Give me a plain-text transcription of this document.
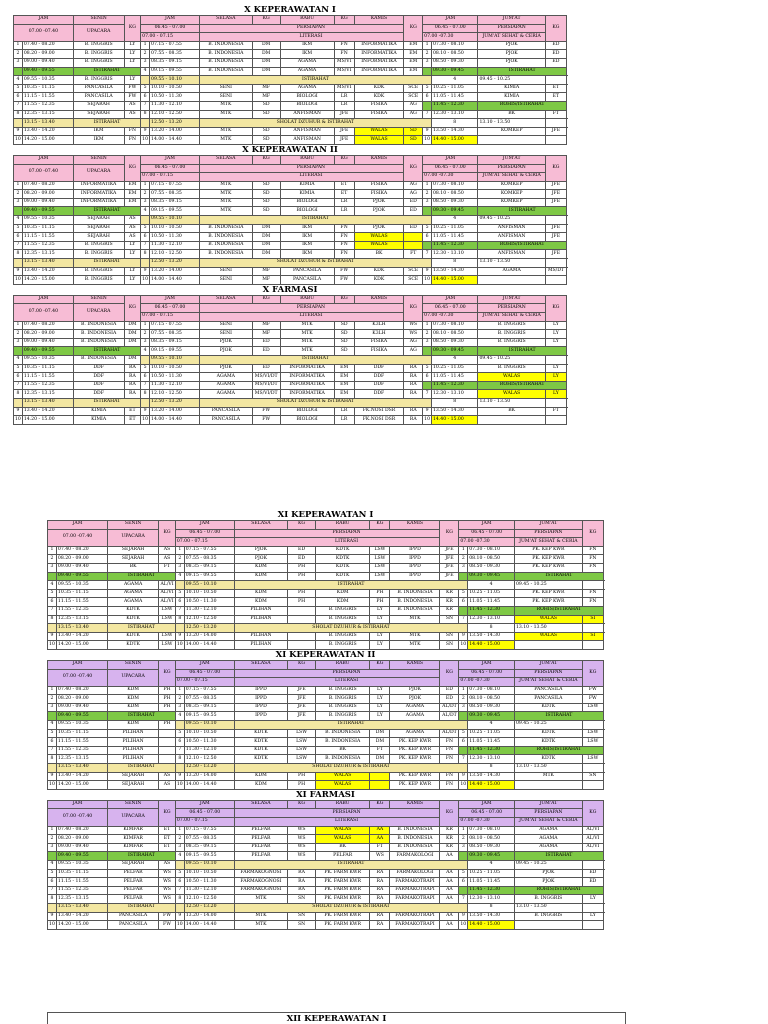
X KEPERAWATAN I
JAM		SENIN	KG	JAM		SELASA	KG	RABU	KG	KAMIS	KG	JAM		JUM'AT	KG	
07.00 -07.40		UPACARA		06.45 - 07.00		PERSIAPAN						06.45 - 07.00		PERSIAPAN		
				07.00 - 07.15		LITERASI						07.00 -07.30		JUM'AT SEHAT & CERIA		
1	07.40 - 08.20	B. INGGRIS	LY	1	07.15 - 07.55	B. INDONESIA	DM	IKM	FN	INFORMATIKA	EM	1	07.30 - 08.10	PJOK	ED	
2	08.20 - 09.00	B. INGGRIS	LY	2	07.55 - 08.35	B. INDONESIA	DM	IKM	FN	INFORMATIKA	EM	2	08.10 - 08.50	PJOK	ED	
3	09.00 - 09.40	B. INGGRIS	LY	3	08.35 - 09.15	B. INDONESIA	DM	AGAMA	MS/VI	INFORMATIKA	EM	3	08.50 - 09.30	PJOK	ED	
	09.40 - 09.55	ISTIRAHAT		4	09.15 - 09.55	B. INDONESIA	DM	AGAMA	MS/VI	INFORMATIKA	EM		09.30 - 09.45	ISTIRAHAT		
4	09.55 - 10.35	B. INGGRIS	LY		09.55 - 10.10	ISTIRAHAT							4	09.45 - 10.25		
5	10.35 - 11.15	PANCASILA	FW	5	10.10 - 10.50	SENI	MF	AGAMA	MS/VI	KDK	SCE	5	10.25 - 11.05	KIMIA	ET	
6	11.15 - 11.55	PANCASILA	FW	6	10.50 - 11.30	SENI	MF	BIOLOGI	LR	KDK	SCE	6	11.05 - 11.45	KIMIA	ET	
7	11.55 - 12.35	SEJARAH	AS	7	11.30 - 12.10	MTK	SD	BIOLOGI	LR	FISIKA	AG		11.45 - 12.30	ROHIS/ISTIRAHAT		
8	12.35 - 13.15	SEJARAH	AS	8	12.10 - 12.50	MTK	SD	ANFISMAN	JFE	FISIKA	AG	7	12.30 - 13.10	BK	FT	
	13.15 - 13.40	ISTIRAHAT			12.50 - 13.20	SHOLAT DZUHUR & ISTIRAHAT							8	13.10 - 13.50		
9	13.40 - 14.20	IKM	FN	9	13.20 - 14.00	MTK	SD	ANFISMAN	JFE	WALAS	SD	9	13.50 - 14.30	KOMKEP	JFE	
10	14.20 - 15.00	IKM	FN	10	14.00 - 14.40	MTK	SD	ANFISMAN	JFE	WALAS	SD	10	14.40 - 15.00			
X KEPERAWATAN II
JAM		SENIN	KG	JAM		SELASA	KG	RABU	KG	KAMIS	KG	JAM		JUM'AT	KG	
07.00 -07.40		UPACARA		06.45 - 07.00		PERSIAPAN						06.45 - 07.00		PERSIAPAN		
				07.00 - 07.15		LITERASI						07.00 -07.30		JUM'AT SEHAT & CERIA		
1	07.40 - 08.20	INFORMATIKA	EM	1	07.15 - 07.55	MTK	SD	KIMIA	ET	FISIKA	AG	1	07.30 - 08.10	KOMKEP	JFE	
2	08.20 - 09.00	INFORMATIKA	EM	2	07.55 - 08.35	MTK	SD	KIMIA	ET	FISIKA	AG	2	08.10 - 08.50	KOMKEP	JFE	
3	09.00 - 09.40	INFORMATIKA	EM	3	08.35 - 09.15	MTK	SD	BIOLOGI	LR	PJOK	ED	3	08.50 - 09.30	KOMKEP	JFE	
	09.40 - 09.55	ISTIRAHAT		4	09.15 - 09.55	MTK	SD	BIOLOGI	LR	PJOK	ED		09.30 - 09.45	ISTIRAHAT		
4	09.55 - 10.35	SEJARAH	AS		09.55 - 10.10	ISTIRAHAT							4	09.45 - 10.25		
5	10.35 - 11.15	SEJARAH	AS	5	10.10 - 10.50	B. INDONESIA	DM	IKM	FN	PJOK	ED	5	10.25 - 11.05	ANFISMAN	JFE	
6	11.15 - 11.55	SEJARAH	AS	6	10.50 - 11.30	B. INDONESIA	DM	IKM	FN	WALAS		6	11.05 - 11.45	ANFISMAN	JFE	
7	11.55 - 12.35	B. INGGRIS	LY	7	11.30 - 12.10	B. INDONESIA	DM	IKM	FN	WALAS			11.45 - 12.30	ROHIS/ISTIRAHAT		
8	12.35 - 13.15	B. INGGRIS	LY	8	12.10 - 12.50	B. INDONESIA	DM	IKM	FN	BK	FT	7	12.30 - 13.10	ANFISMAN	JFE	
	13.15 - 13.40	ISTIRAHAT			12.50 - 13.20	SHOLAT DZUHUR & ISTIRAHAT							8	13.10 - 13.50		
9	13.40 - 14.20	B. INGGRIS	LY	9	13.20 - 14.00	SENI	MF	PANCASILA	FW	KDK	SCE	9	13.50 - 14.30	AGAMA	MS/DT	
10	14.20 - 15.00	B. INGGRIS	LY	10	14.00 - 14.40	SENI	MF	PANCASILA	FW	KDK	SCE	10	14.40 - 15.00			
X FARMASI
JAM		SENIN	KG	JAM		SELASA	KG	RABU	KG	KAMIS	KG	JAM		JUM'AT	KG	
07.00 -07.40		UPACARA		06.45 - 07.00		PERSIAPAN						06.45 - 07.00		PERSIAPAN		
				07.00 - 07.15		LITERASI						07.00 -07.30		JUM'AT SEHAT & CERIA		
1	07.40 - 08.20	B. INDONESIA	DM	1	07.15 - 07.55	SENI	MF	MTK	SD	K3LH	WS	1	07.30 - 08.10	B. INGGRIS	LY	
2	08.20 - 09.00	B. INDONESIA	DM	2	07.55 - 08.35	SENI	MF	MTK	SD	K3LH	WS	2	08.10 - 08.50	B. INGGRIS	LY	
3	09.00 - 09.40	B. INDONESIA	DM	3	08.35 - 09.15	PJOK	ED	MTK	SD	FISIKA	AG	3	08.50 - 09.30	B. INGGRIS	LY	
	09.40 - 09.55	ISTIRAHAT		4	09.15 - 09.55	PJOK	ED	MTK	SD	FISIKA	AG		09.30 - 09.45	ISTIRAHAT		
4	09.55 - 10.35	B. INDONESIA	DM		09.55 - 10.10	ISTIRAHAT							4	09.45 - 10.25		
5	10.35 - 11.15	DDF	RA	5	10.10 - 10.50	PJOK	ED	INFORMATIKA	EM	DDF	RA	5	10.25 - 11.05	B. INGGRIS	LY	
6	11.15 - 11.55	DDF	RA	6	10.50 - 11.30	AGAMA	MS/VI/DT	INFORMATIKA	EM	DDF	RA	6	11.05 - 11.45	WALAS	LY	
7	11.55 - 12.35	DDF	RA	7	11.30 - 12.10	AGAMA	MS/VI/DT	INFORMATIKA	EM	DDF	RA		11.45 - 12.30	ROHIS/ISTIRAHAT		
8	12.35 - 13.15	DDF	RA	8	12.10 - 12.50	AGAMA	MS/VI/DT	INFORMATIKA	EM	DDF	RA	7	12.30 - 13.10	WALAS	LY	
	13.15 - 13.40	ISTIRAHAT			12.50 - 13.20	SHOLAT DZUHUR & ISTIRAHAT							8	13.10 - 13.50		
9	13.40 - 14.20	KIMIA	ET	9	13.20 - 14.00	PANCASILA	FW	BIOLOGI	LR	FK.NOSI DSR	RA	9	13.50 - 14.30	BK	FT	
10	14.20 - 15.00	KIMIA	ET	10	14.00 - 14.40	PANCASILA	FW	BIOLOGI	LR	FK.NOSI DSR	RA	10	14.40 - 15.00			
XI KEPERAWATAN I
JAM		SENIN	KG	JAM		SELASA	KG	RABU	KG	KAMIS	KG	JAM		JUM'AT	KG	
07.00 -07.40		UPACARA		06.45 - 07.00		PERSIAPAN						06.45 - 07.00		PERSIAPAN		
				07.00 - 07.15		LITERASI						07.00 -07.30		JUM'AT SEHAT & CERIA		
1	07.40 - 08.20	SEJARAH	AS	1	07.15 - 07.55	PJOK	ED	KDTK	LSW	IPPD	JFE	1	07.30 - 08.10	PK. KEP KWR	FN	
2	08.20 - 09.00	SEJARAH	AS	2	07.55 - 08.35	PJOK	ED	KDTK	LSW	IPPD	JFE	2	08.10 - 08.50	PK. KEP KWR	FN	
3	09.00 - 09.40	BK	FT	3	08.35 - 09.15	KDM	PH	KDTK	LSW	IPPD	JFE	3	08.50 - 09.30	PK. KEP KWR	FN	
	09.40 - 09.55	ISTIRAHAT		4	09.15 - 09.55	KDM	PH	KDTK	LSW	IPPD	JFE		09.30 - 09.45	ISTIRAHAT		
4	09.55 - 10.35	AGAMA	AL/VI		09.55 - 10.10	ISTIRAHAT							4	09.45 - 10.25		
5	10.35 - 11.15	AGAMA	AL/VI	5	10.10 - 10.50	KDM	PH	KDM	PH	B. INDONESIA	KR	5	10.25 - 11.05	PK. KEP KWR	FN	
6	11.15 - 11.55	AGAMA	AL/VI	6	10.50 - 11.30	KDM	PH	KDM	PH	B. INDONESIA	KR	6	11.05 - 11.45	PK. KEP KWR	FN	
7	11.55 - 12.35	KDTK	LSW	7	11.30 - 12.10	PILIHAN		B. INGGRIS	LY	B. INDONESIA	KR		11.45 - 12.30	ROHIS/ISTIRAHAT		
8	12.35 - 13.15	KDTK	LSW	8	12.10 - 12.50	PILIHAN		B. INGGRIS	LY	MTK	SN	7	12.30 - 13.10	WALAS	SI	
	13.15 - 13.40	ISTIRAHAT			12.50 - 13.20	SHOLAT DZUHUR & ISTIRAHAT							8	13.10 - 13.50		
9	13.40 - 14.20	KDTK	LSW	9	13.20 - 14.00	PILIHAN		B. INGGRIS	LY	MTK	SN	9	13.50 - 14.30	WALAS	SI	
10	14.20 - 15.00	KDTK	LSW	10	14.00 - 14.40	PILIHAN		B. INGGRIS	LY	MTK	SN	10	14.40 - 15.00			
XI KEPERAWATAN II
JAM		SENIN	KG	JAM		SELASA	KG	RABU	KG	KAMIS	KG	JAM		JUM'AT	KG	
07.00 -07.40		UPACARA		06.45 - 07.00		PERSIAPAN						06.45 - 07.00		PERSIAPAN		
				07.00 - 07.15		LITERASI						07.00 -07.30		JUM'AT SEHAT & CERIA		
1	07.40 - 08.20	KDM	PH	1	07.15 - 07.55	IPPD	JFE	B. INGGRIS	LY	PJOK	ED	1	07.30 - 08.10	PANCASILA	FW	
2	08.20 - 09.00	KDM	PH	2	07.55 - 08.35	IPPD	JFE	B. INGGRIS	LY	PJOK	ED	2	08.10 - 08.50	PANCASILA	FW	
3	09.00 - 09.40	KDM	PH	3	08.35 - 09.15	IPPD	JFE	B. INGGRIS	LY	AGAMA	AL/DT	3	08.50 - 09.30	KDTK	LSW	
	09.40 - 09.55	ISTIRAHAT		4	09.15 - 09.55	IPPD	JFE	B. INGGRIS	LY	AGAMA	AL/DT		09.30 - 09.45	ISTIRAHAT		
4	09.55 - 10.35	KDM	PH		09.55 - 10.10	ISTIRAHAT							4	09.45 - 10.25		
5	10.35 - 11.15	PILIHAN		5	10.10 - 10.50	KDTK	LSW	B. INDONESIA	DM	AGAMA	AL/DT	5	10.25 - 11.05	KDTK	LSW	
6	11.15 - 11.55	PILIHAN		6	10.50 - 11.30	KDTK	LSW	B. INDONESIA	DM	PK. KEP KWR	FN	6	11.05 - 11.45	KDTK	LSW	
7	11.55 - 12.35	PILIHAN		7	11.30 - 12.10	KDTK	LSW	BK	FT	PK. KEP KWR	FN		11.45 - 12.30	ROHIS/ISTIRAHAT		
8	12.35 - 13.15	PILIHAN		8	12.10 - 12.50	KDTK	LSW	B. INDONESIA	DM	PK. KEP KWR	FN	7	12.30 - 13.10	KDTK	LSW	
	13.15 - 13.40	ISTIRAHAT			12.50 - 13.20	SHOLAT DZUHUR & ISTIRAHAT							8	13.10 - 13.50		
9	13.40 - 14.20	SEJARAH	AS	9	13.20 - 14.00	KDM	PH	WALAS		PK. KEP KWR	FN	9	13.50 - 14.30	MTK	SN	
10	14.20 - 15.00	SEJARAH	AS	10	14.00 - 14.40	KDM	PH	WALAS		PK. KEP KWR	FN	10	14.40 - 15.00			
XI FARMASI
JAM		SENIN	KG	JAM		SELASA	KG	RABU	KG	KAMIS	KG	JAM		JUM'AT	KG	
07.00 -07.40		UPACARA		06.45 - 07.00		PERSIAPAN						06.45 - 07.00		PERSIAPAN		
				07.00 - 07.15		LITERASI						07.00 -07.30		JUM'AT SEHAT & CERIA		
1	07.40 - 08.20	KIMFAR	ET	1	07.15 - 07.55	PELFAR	WS	WALAS	AA	B. INDONESIA	KR	1	07.30 - 08.10	AGAMA	AL/VI	
2	08.20 - 09.00	KIMFAR	ET	2	07.55 - 08.35	PELFAR	WS	WALAS	AA	B. INDONESIA	KR	2	08.10 - 08.50	AGAMA	AL/VI	
3	09.00 - 09.40	KIMFAR	ET	3	08.35 - 09.15	PELFAR	WS	BK	FT	B. INDONESIA	KR	3	08.50 - 09.30	AGAMA	AL/VI	
	09.40 - 09.55	ISTIRAHAT		4	09.15 - 09.55	PELFAR	WS	PELFAR	WS	FARMAKOLOGI	AA		09.30 - 09.45	ISTIRAHAT		
4	09.55 - 10.35	SEJARAH	AS		09.55 - 10.10	ISTIRAHAT							4	09.45 - 10.25		
5	10.35 - 11.15	PELFAR	WS	5	10.10 - 10.50	FARMAKOGNOSI	RA	PK. FARM KWR	RA	FARMAKOLOGI	AA	5	10.25 - 11.05	PJOK	ED	
6	11.15 - 11.55	PELFAR	WS	6	10.50 - 11.30	FARMAKOGNOSI	RA	PK. FARM KWR	RA	FARMAKOTRAPI	AA	6	11.05 - 11.45	PJOK	ED	
7	11.55 - 12.35	PELFAR	WS	7	11.30 - 12.10	FARMAKOGNOSI	RA	PK. FARM KWR	RA	FARMAKOTRAPI	AA		11.45 - 12.30	ROHIS/ISTIRAHAT		
8	12.35 - 13.15	PELFAR	WS	8	12.10 - 12.50	MTK	SN	PK. FARM KWR	RA	FARMAKOTRAPI	AA	7	12.30 - 13.10	B. INGGRIS	LY	
	13.15 - 13.40	ISTIRAHAT			12.50 - 13.20	SHOLAT DZUHUR & ISTIRAHAT							8	13.10 - 13.50		
9	13.40 - 14.20	PANCASILA	FW	9	13.20 - 14.00	MTK	SN	PK. FARM KWR	RA	FARMAKOTRAPI	AA	9	13.50 - 14.30	B. INGGRIS	LY	
10	14.20 - 15.00	PANCASILA	FW	10	14.00 - 14.40	MTK	SN	PK. FARM KWR	RA	FARMAKOTRAPI	AA	10	14.40 - 15.00			
XII KEPERAWATAN I
